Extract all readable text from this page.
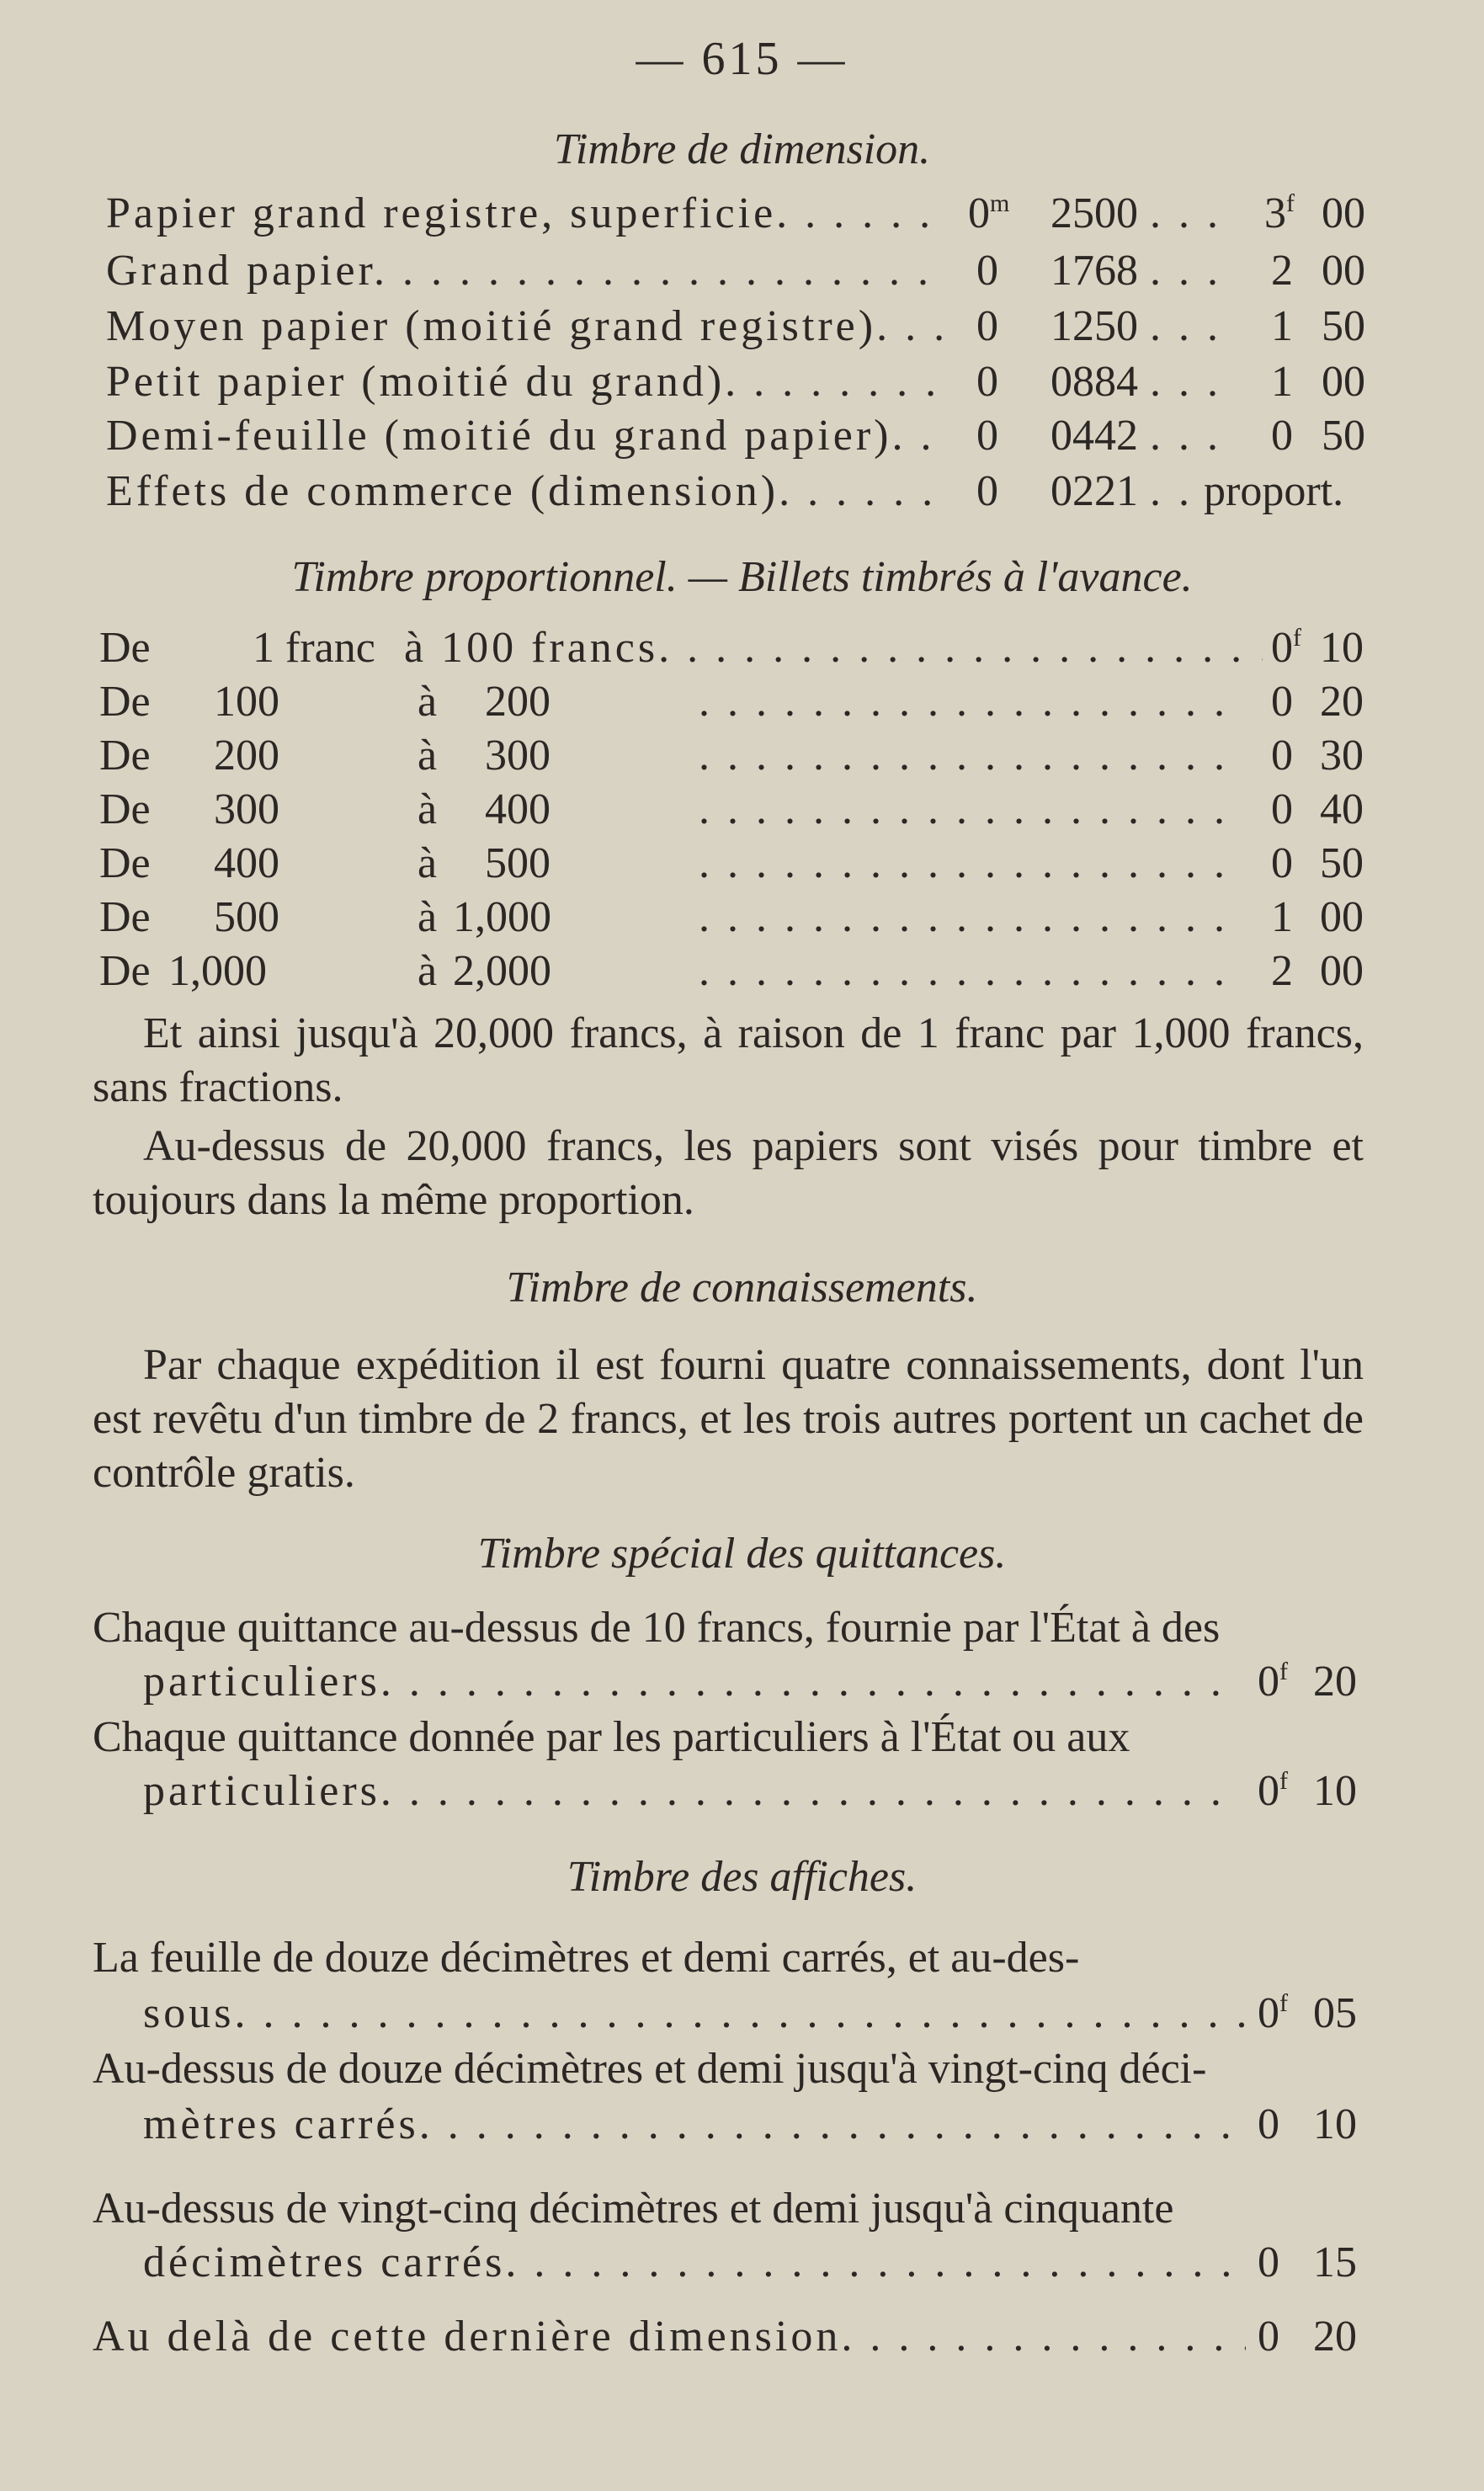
— 615 —
Timbre de dimension.
Papier grand registre, superficie . . .	0$^m$ 2500 . . . 3$^f$ 00
Grand papier . . .	0 1768 . . . 2 00
Moyen papier (moitié grand registre) . . .	0 1250 . . . 1 50
Petit papier (moitié du grand) . . .	0 0884 . . . 1 00
Demi-feuille (moitié du grand papier) . . .	0 0442 . . . 0 50
Effets de commerce (dimension) . . .	0 0221 . . proport.
Timbre proportionnel. — Billets timbrés à l'avance.
De 1 franc à 100 francs . . .	0$^f$ 10
De 100	à 200 . . .	0 20
De 200	à 300 . . .	0 30
De 300	à 400 . . .	0 40
De 400	à 500 . . .	0 50
De 500	à 1,000 . . .	1 00
De 1,000	à 2,000 . . .	2 00
Et ainsi jusqu'à 20,000 francs, à raison de 1 franc par 1,000 francs, sans fractions.
Au-dessus de 20,000 francs, les papiers sont visés pour timbre et toujours dans la même proportion.
Timbre de connaissements.
Par chaque expédition il est fourni quatre connaissements, dont l'un est revêtu d'un timbre de 2 francs, et les trois autres portent un cachet de contrôle gratis.
Timbre spécial des quittances.
Chaque quittance au-dessus de 10 francs, fournie par l'État à des
particuliers . . .	0$^f$ 20
Chaque quittance donnée par les particuliers à l'État ou aux
particuliers . . .	0$^f$ 10
Timbre des affiches.
La feuille de douze décimètres et demi carrés, et au-des-
sous . . .	0$^f$ 05
Au-dessus de douze décimètres et demi jusqu'à vingt-cinq déci-
mètres carrés . . .	0 10
Au-dessus de vingt-cinq décimètres et demi jusqu'à cinquante
décimètres carrés . . .	0 15
Au delà de cette dernière dimension . . .	0 20
